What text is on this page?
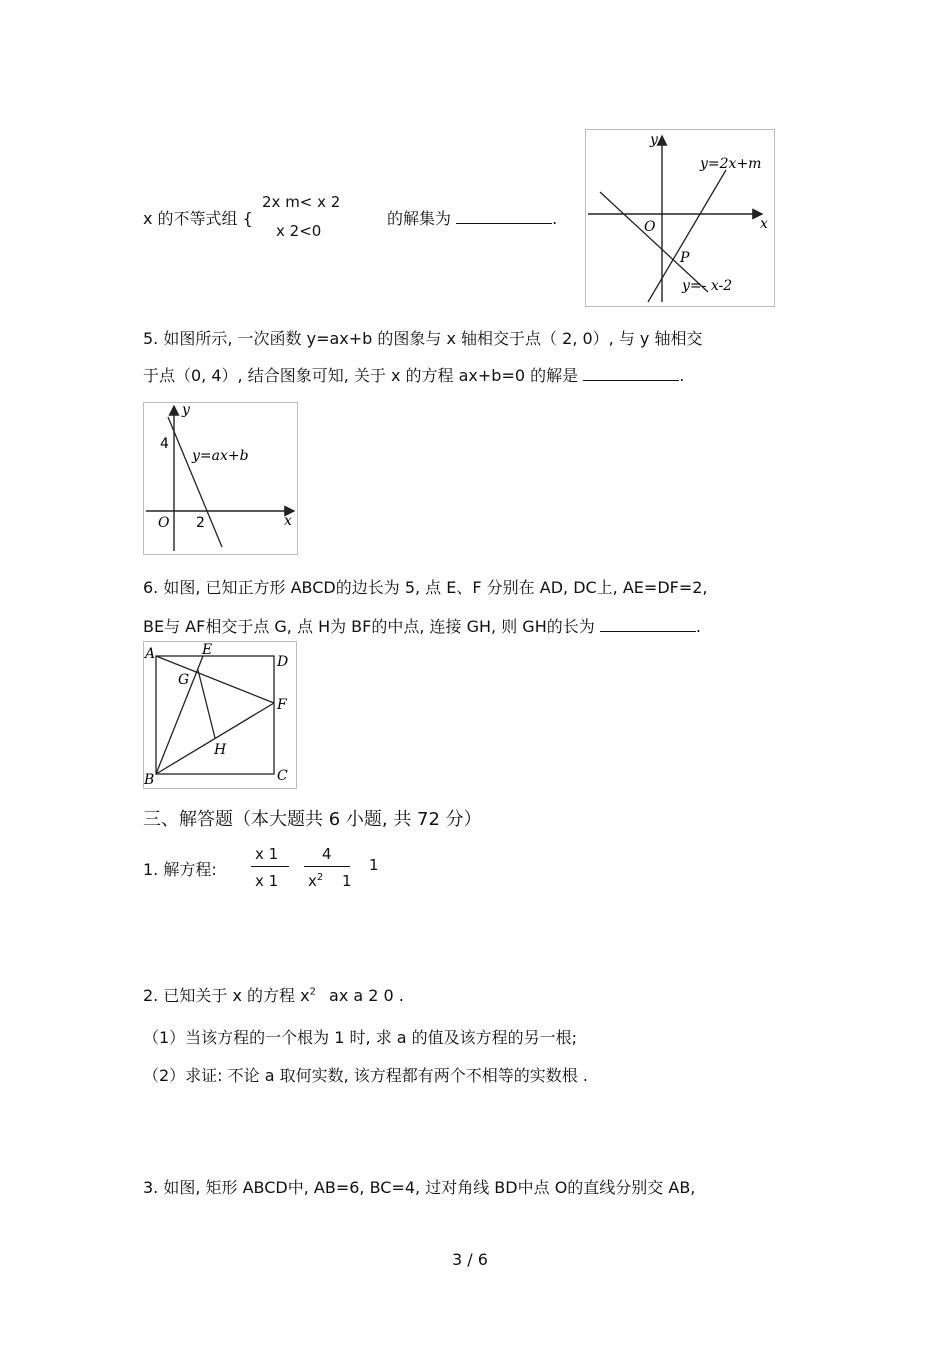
x 的不等式组 {
2x m< x 2
x 2<0
的解集为	.
y
x
O
y=2x+m
P
y=- x-2
5. 如图所示, 一次函数 y=ax+b 的图象与 x 轴相交于点（ 2, 0）, 与 y 轴相交
于点（0, 4）, 结合图象可知, 关于 x 的方程 ax+b=0 的解是	.
y
x
O
4
2
y=ax+b
6. 如图, 已知正方形 ABCD的边长为 5, 点 E、F 分别在 AD, DC上, AE=DF=2,
BE与 AF相交于点 G, 点 H为 BF的中点, 连接 GH, 则 GH的长为	.
A	E
D
G
F
H
B	C
三、解答题（本大题共 6 小题, 共 72 分）
1. 解方程:
x 1
x 1
4
$x^2$ 1
1
2. 已知关于 x 的方程 $x^2$ ax a 2 0 .
（1）当该方程的一个根为 1 时, 求 a 的值及该方程的另一根;
（2）求证: 不论 a 取何实数, 该方程都有两个不相等的实数根 .
3. 如图, 矩形 ABCD中, AB=6, BC=4, 过对角线 BD中点 O的直线分别交 AB,
3 / 6
